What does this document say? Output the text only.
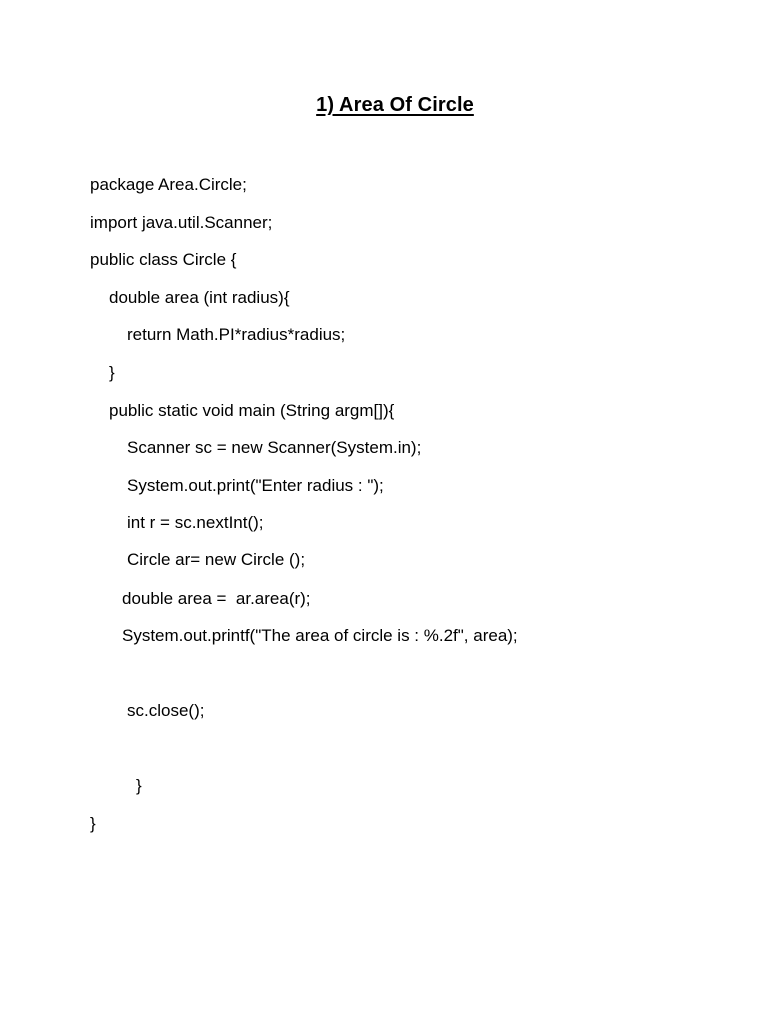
1) Area Of Circle
package Area.Circle;
import java.util.Scanner;
public class Circle {
double area (int radius){
return Math.PI*radius*radius;
}
public static void main (String argm[]){
Scanner sc = new Scanner(System.in);
System.out.print("Enter radius : ");
int r = sc.nextInt();
Circle ar= new Circle ();
double area =  ar.area(r);
System.out.printf("The area of circle is : %.2f", area);
sc.close();
}
}
